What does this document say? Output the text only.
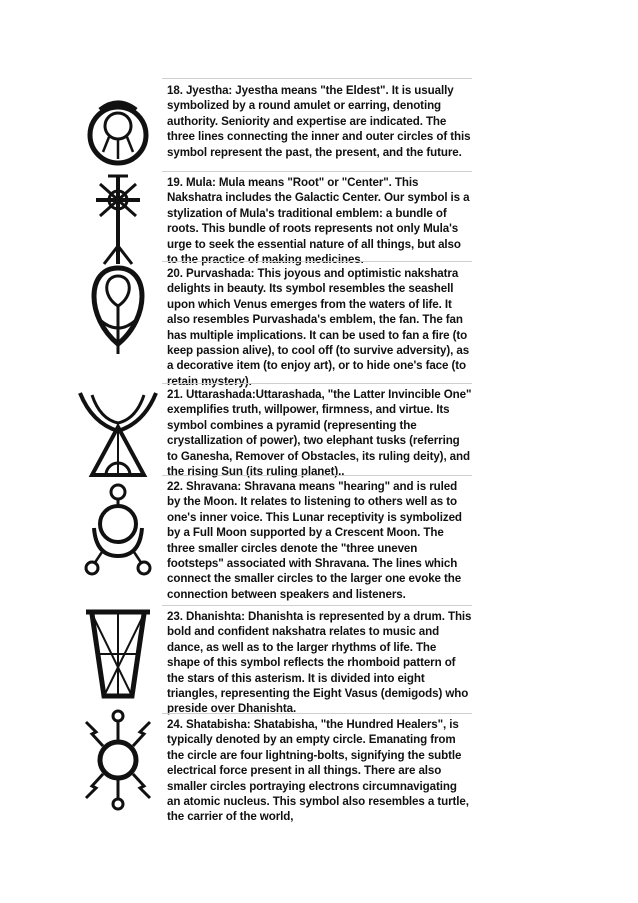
18. Jyestha: Jyestha means "the Eldest". It is usually symbolized by a round amulet or earring, denoting authority. Seniority and expertise are indicated. The three lines connecting the inner and outer circles of this symbol represent the past, the present, and the future.
19. Mula: Mula means "Root" or "Center". This Nakshatra includes the Galactic Center. Our symbol is a stylization of Mula's traditional emblem: a bundle of roots. This bundle of roots represents not only Mula's urge to seek the essential nature of all things, but also to the practice of making medicines.
20. Purvashada: This joyous and optimistic nakshatra delights in beauty. Its symbol resembles the seashell upon which Venus emerges from the waters of life. It also resembles Purvashada's emblem, the fan. The fan has multiple implications. It can be used to fan a fire (to keep passion alive), to cool off (to survive adversity), as a decorative item (to enjoy art), or to hide one's face (to retain mystery).
21. Uttarashada:Uttarashada, "the Latter Invincible One" exemplifies truth, willpower, firmness, and virtue. Its symbol combines a pyramid (representing the crystallization of power), two elephant tusks (referring to Ganesha, Remover of Obstacles, its ruling deity), and the rising Sun (its ruling planet)..
22. Shravana: Shravana means "hearing" and is ruled by the Moon. It relates to listening to others well as to one's inner voice. This Lunar receptivity is symbolized by a Full Moon supported by a Crescent Moon. The three smaller circles denote the "three uneven footsteps" associated with Shravana. The lines which connect the smaller circles to the larger one evoke the connection between speakers and listeners.
23. Dhanishta: Dhanishta is represented by a drum. This bold and confident nakshatra relates to music and dance, as well as to the larger rhythms of life. The shape of this symbol reflects the rhomboid pattern of the stars of this asterism. It is divided into eight triangles, representing the Eight Vasus (demigods) who preside over Dhanishta.
24. Shatabisha: Shatabisha, "the Hundred Healers", is typically denoted by an empty circle. Emanating from the circle are four lightning-bolts, signifying the subtle electrical force present in all things. There are also smaller circles portraying electrons circumnavigating an atomic nucleus. This symbol also resembles a turtle, the carrier of the world,
